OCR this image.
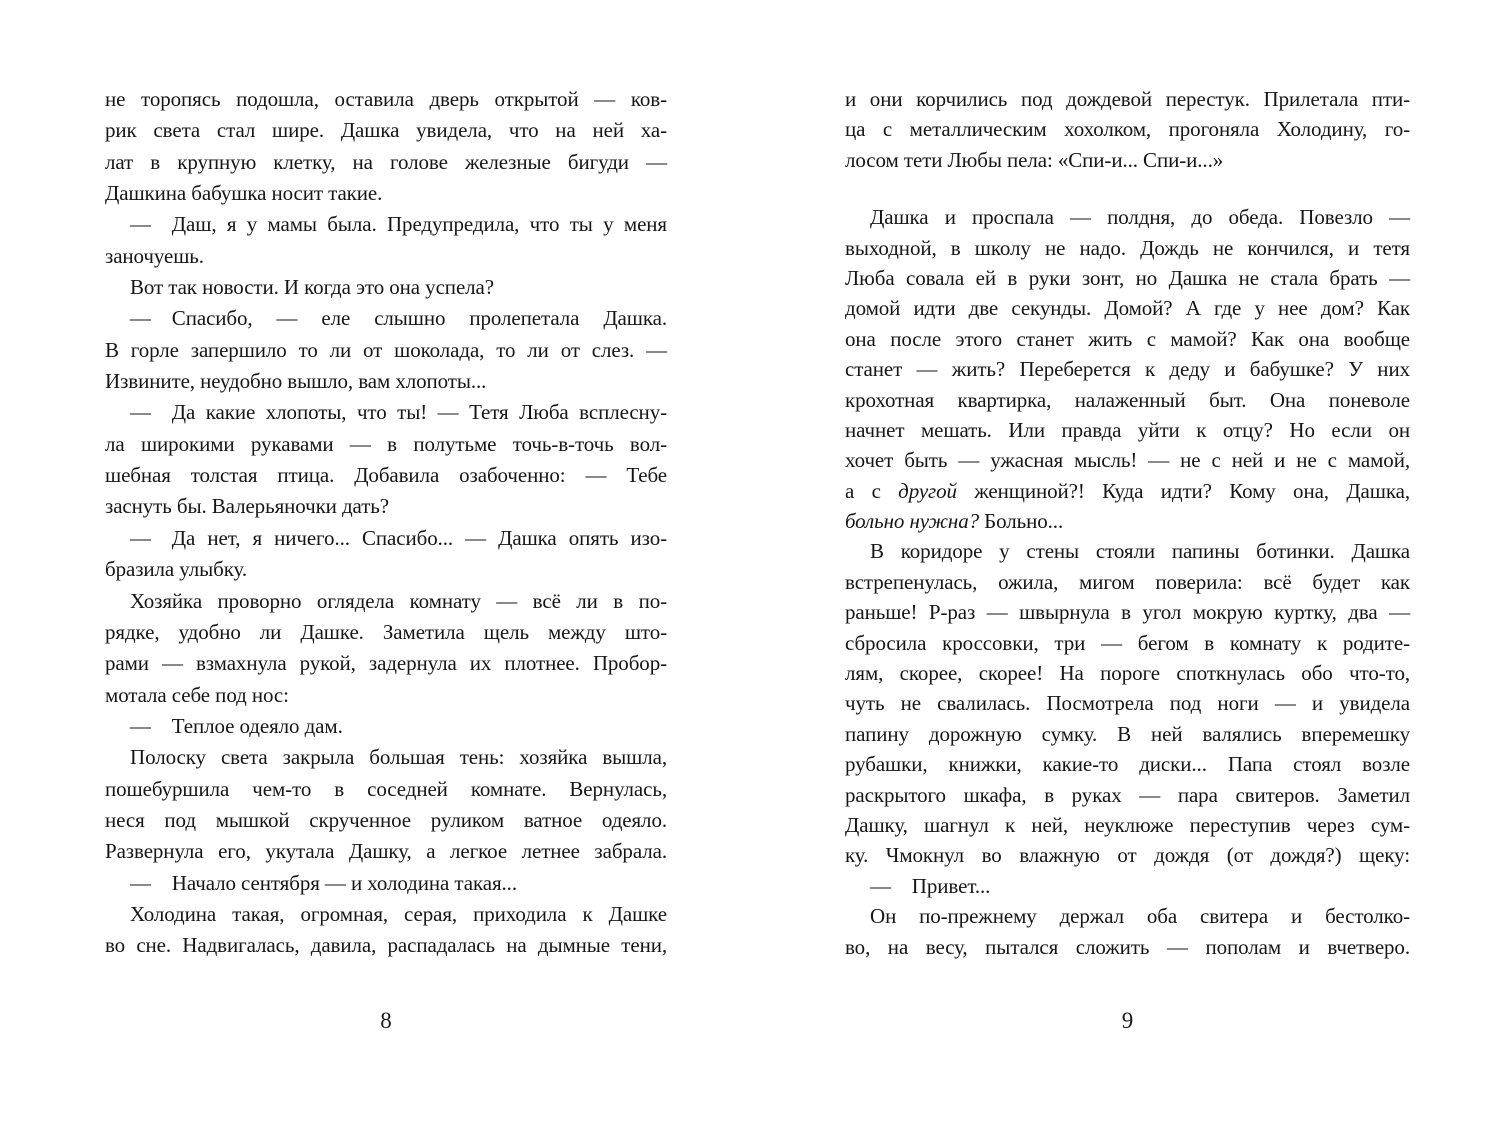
не торопясь подошла, оставила дверь открытой — ков-
рик света стал шире. Дашка увидела, что на ней ха-
лат в крупную клетку, на голове железные бигуди —
Дашкина бабушка носит такие.
— Даш, я у мамы была. Предупредила, что ты у меня
заночуешь.
Вот так новости. И когда это она успела?
— Спасибо, — еле слышно пролепетала Дашка.
В горле запершило то ли от шоколада, то ли от слез. —
Извините, неудобно вышло, вам хлопоты...
— Да какие хлопоты, что ты! — Тетя Люба всплесну-
ла широкими рукавами — в полутьме точь-в-точь вол-
шебная толстая птица. Добавила озабоченно: — Тебе
заснуть бы. Валерьяночки дать?
— Да нет, я ничего... Спасибо... — Дашка опять изо-
бразила улыбку.
Хозяйка проворно оглядела комнату — всё ли в по-
рядке, удобно ли Дашке. Заметила щель между што-
рами — взмахнула рукой, задернула их плотнее. Пробор-
мотала себе под нос:
— Теплое одеяло дам.
Полоску света закрыла большая тень: хозяйка вышла,
пошебуршила чем-то в соседней комнате. Вернулась,
неся под мышкой скрученное руликом ватное одеяло.
Развернула его, укутала Дашку, а легкое летнее забрала.
— Начало сентября — и холодина такая...
Холодина такая, огромная, серая, приходила к Дашке
во сне. Надвигалась, давила, распадалась на дымные тени,
и они корчились под дождевой перестук. Прилетала пти-
ца с металлическим хохолком, прогоняла Холодину, го-
лосом тети Любы пела: «Спи-и... Спи-и...»
Дашка и проспала — полдня, до обеда. Повезло —
выходной, в школу не надо. Дождь не кончился, и тетя
Люба совала ей в руки зонт, но Дашка не стала брать —
домой идти две секунды. Домой? А где у нее дом? Как
она после этого станет жить с мамой? Как она вообще
станет — жить? Переберется к деду и бабушке? У них
крохотная квартирка, налаженный быт. Она поневоле
начнет мешать. Или правда уйти к отцу? Но если он
хочет быть — ужасная мысль! — не с ней и не с мамой,
а с другой женщиной?! Куда идти? Кому она, Дашка,
больно нужна? Больно...
В коридоре у стены стояли папины ботинки. Дашка
встрепенулась, ожила, мигом поверила: всё будет как
раньше! Р-раз — швырнула в угол мокрую куртку, два —
сбросила кроссовки, три — бегом в комнату к родите-
лям, скорее, скорее! На пороге споткнулась обо что-то,
чуть не свалилась. Посмотрела под ноги — и увидела
папину дорожную сумку. В ней валялись вперемешку
рубашки, книжки, какие-то диски... Папа стоял возле
раскрытого шкафа, в руках — пара свитеров. Заметил
Дашку, шагнул к ней, неуклюже переступив через сум-
ку. Чмокнул во влажную от дождя (от дождя?) щеку:
— Привет...
Он по-прежнему держал оба свитера и бестолко-
во, на весу, пытался сложить — пополам и вчетверо.
8	9
